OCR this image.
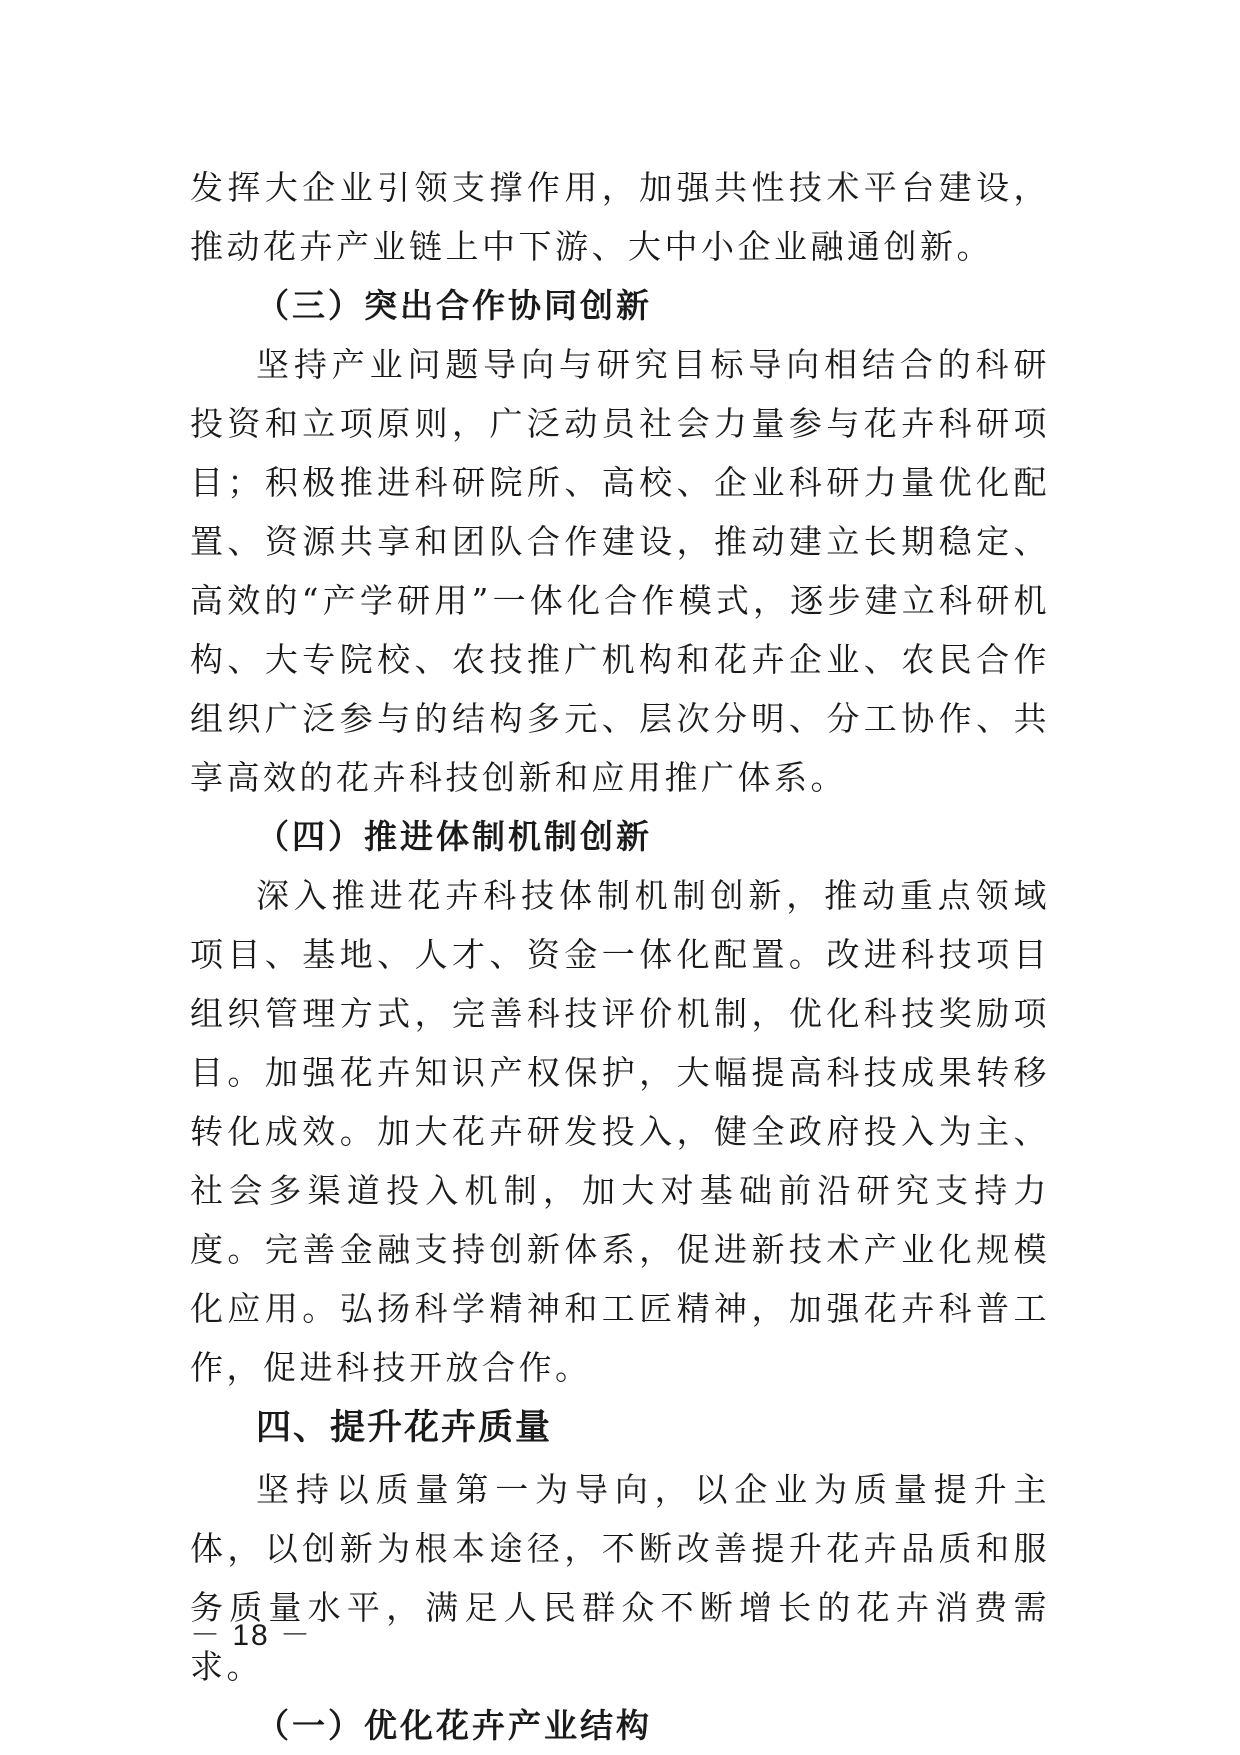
发挥大企业引领支撑作用，加强共性技术平台建设，推动花卉产业链上中下游、大中小企业融通创新。

（三）突出合作协同创新

坚持产业问题导向与研究目标导向相结合的科研投资和立项原则，广泛动员社会力量参与花卉科研项目；积极推进科研院所、高校、企业科研力量优化配置、资源共享和团队合作建设，推动建立长期稳定、高效的“产学研用”一体化合作模式，逐步建立科研机构、大专院校、农技推广机构和花卉企业、农民合作组织广泛参与的结构多元、层次分明、分工协作、共享高效的花卉科技创新和应用推广体系。

（四）推进体制机制创新

深入推进花卉科技体制机制创新，推动重点领域项目、基地、人才、资金一体化配置。改进科技项目组织管理方式，完善科技评价机制，优化科技奖励项目。加强花卉知识产权保护，大幅提高科技成果转移转化成效。加大花卉研发投入，健全政府投入为主、社会多渠道投入机制，加大对基础前沿研究支持力度。完善金融支持创新体系，促进新技术产业化规模化应用。弘扬科学精神和工匠精神，加强花卉科普工作，促进科技开放合作。

四、提升花卉质量

坚持以质量第一为导向，以企业为质量提升主体，以创新为根本途径，不断改善提升花卉品质和服务质量水平，满足人民群众不断增长的花卉消费需求。

（一）优化花卉产业结构

－ 18 －
